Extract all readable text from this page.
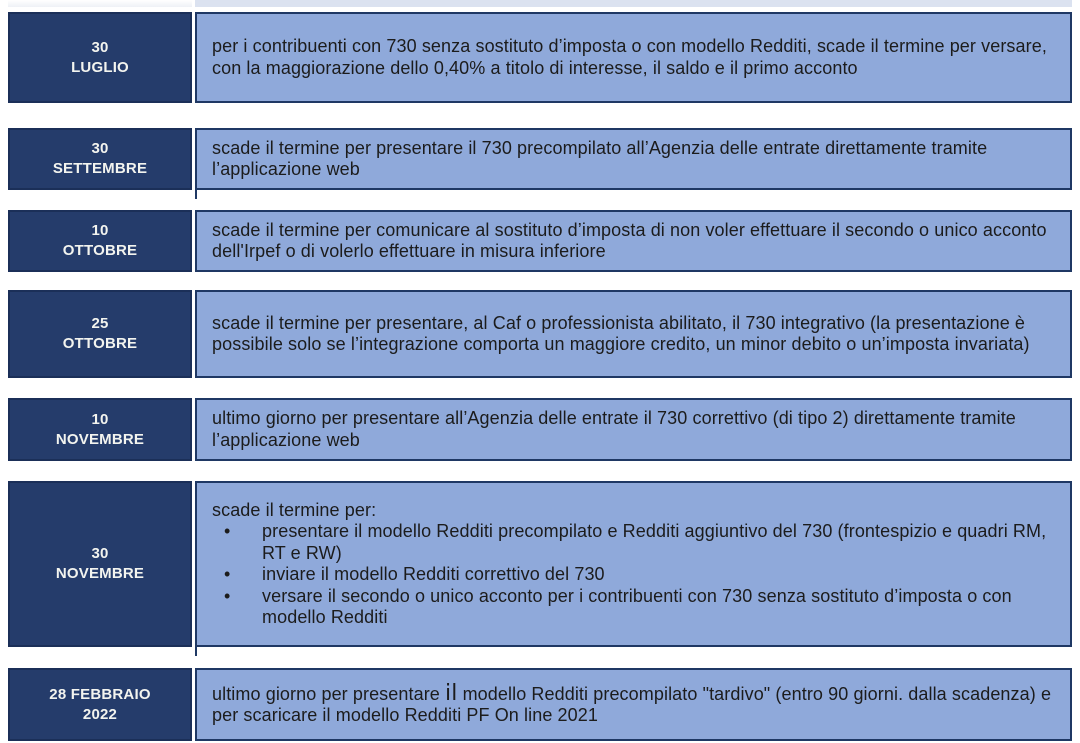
30
LUGLIO
per i contribuenti con 730 senza sostituto d’imposta o con modello Redditi, scade il termine per versare, con la maggiorazione dello 0,40% a titolo di interesse, il saldo e il primo acconto
30
SETTEMBRE
scade il termine per presentare il 730 precompilato all’Agenzia delle entrate direttamente tramite l’applicazione web
10
OTTOBRE
scade il termine per comunicare al sostituto d’imposta di non voler effettuare il secondo o unico acconto dell'Irpef o di volerlo effettuare in misura inferiore
25
OTTOBRE
scade il termine per presentare, al Caf o professionista abilitato, il 730 integrativo (la presentazione è possibile solo se l’integrazione comporta un maggiore credito, un minor debito o un’imposta invariata)
10
NOVEMBRE
ultimo giorno per presentare all’Agenzia delle entrate il 730 correttivo (di tipo 2) direttamente tramite l’applicazione web
30
NOVEMBRE
scade il termine per:
• presentare il modello Redditi precompilato e Redditi aggiuntivo del 730 (frontespizio e quadri RM, RT e RW)
• inviare il modello Redditi correttivo del 730
• versare il secondo o unico acconto per i contribuenti con 730 senza sostituto d’imposta o con modello Redditi
28 FEBBRAIO
2022
ultimo giorno per presentare il modello Redditi precompilato "tardivo" (entro 90 giorni. dalla scadenza) e per scaricare il modello Redditi PF On line 2021
